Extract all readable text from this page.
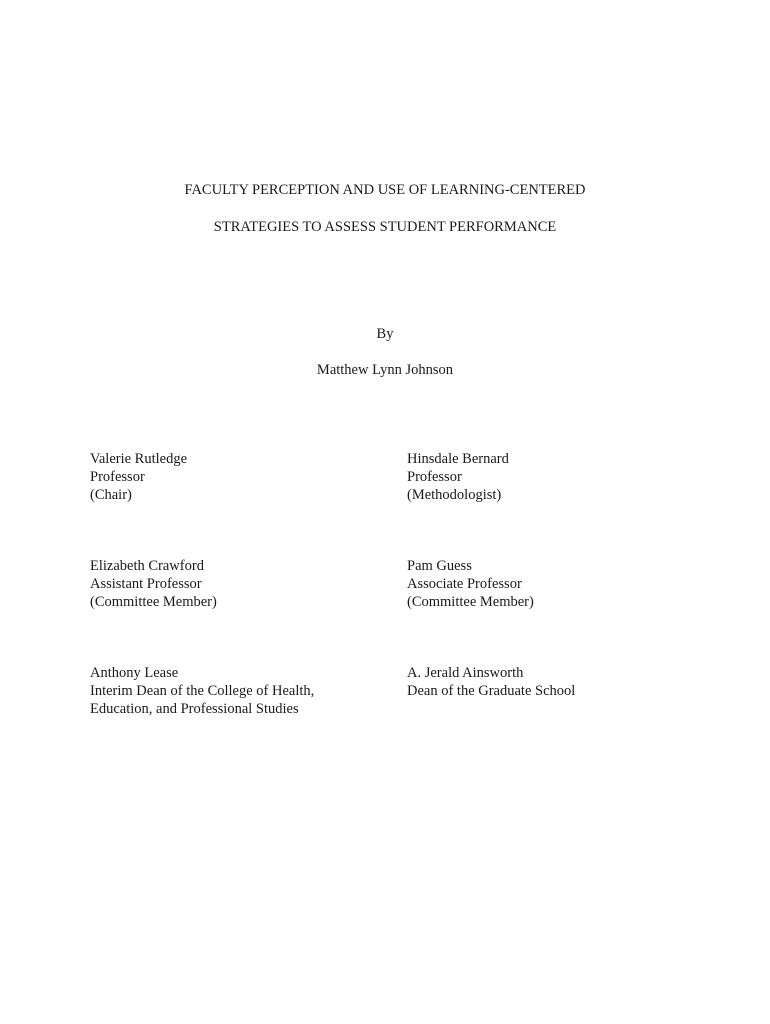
FACULTY PERCEPTION AND USE OF LEARNING-CENTERED
STRATEGIES TO ASSESS STUDENT PERFORMANCE
By
Matthew Lynn Johnson
Valerie Rutledge
Professor
(Chair)
Hinsdale Bernard
Professor
(Methodologist)
Elizabeth Crawford
Assistant Professor
(Committee Member)
Pam Guess
Associate Professor
(Committee Member)
Anthony Lease
Interim Dean of the College of Health,
Education, and Professional Studies
A. Jerald Ainsworth
Dean of the Graduate School
